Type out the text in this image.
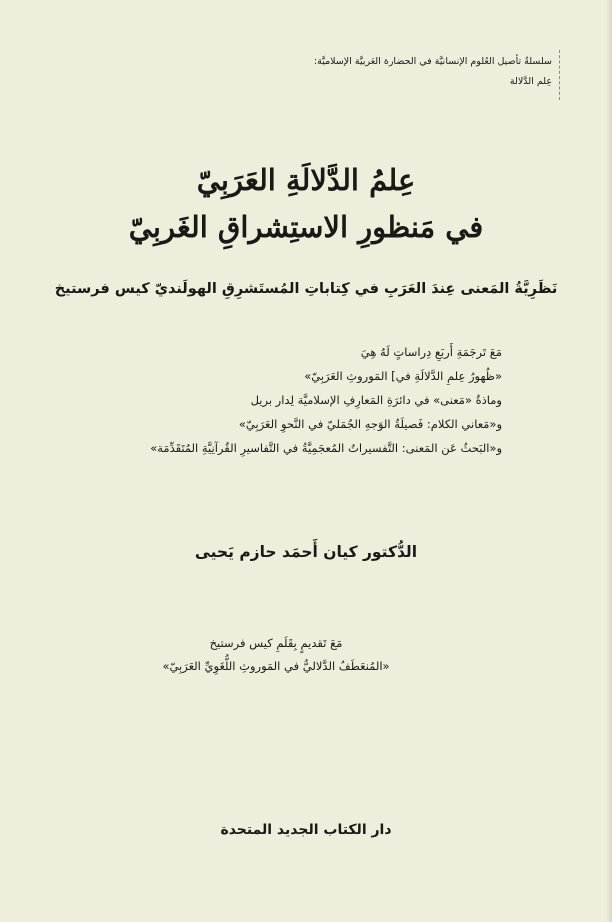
سلسلةُ تأصيل العُلوم الإنسانيَّة في الحضارة العَربيَّة الإسلاميَّة:
عِلم الدَّلالة
عِلمُ الدَّلالَةِ العَرَبِيّ
في مَنظورِ الاستِشراقِ الغَربِيّ
نَظَرِيَّةُ المَعنى عِندَ العَرَبِ في كِتاباتِ المُستَشرِقِ الهولَنديّ كيس فرستيخ
مَعَ تَرجَمَةِ أَربَعِ دِراساتٍ لَهُ هِيَ
«ظُهورُ عِلمِ الدَّلالَةِ في] المَوروثِ العَرَبِيّ»
وماذةُ «مَعنى» في دائرَةِ المَعارِفِ الإسلاميَّة لِدار بريل
و«مَعاني الكلام: فَصيلَةُ الوَجهِ الجُمَليّ في النَّحوِ العَرَبِيّ»
و«البَحثُ عَن المَعنى: التَّفسيراتُ المُعجَمِيَّةُ في التَّفاسيرِ القُرآنِيَّةِ المُتَقَدِّمَة»
الدُّكتور كيان أَحمَد حازم يَحيى
مَعَ تَقديمٍ بِقَلَمِ كيس فرستيخ
«المُنعَطَفُ الدَّلاليُّ في المَوروثِ اللُّغَوِيِّ العَرَبِيّ»
دار الكتاب الجديد المتحدة
